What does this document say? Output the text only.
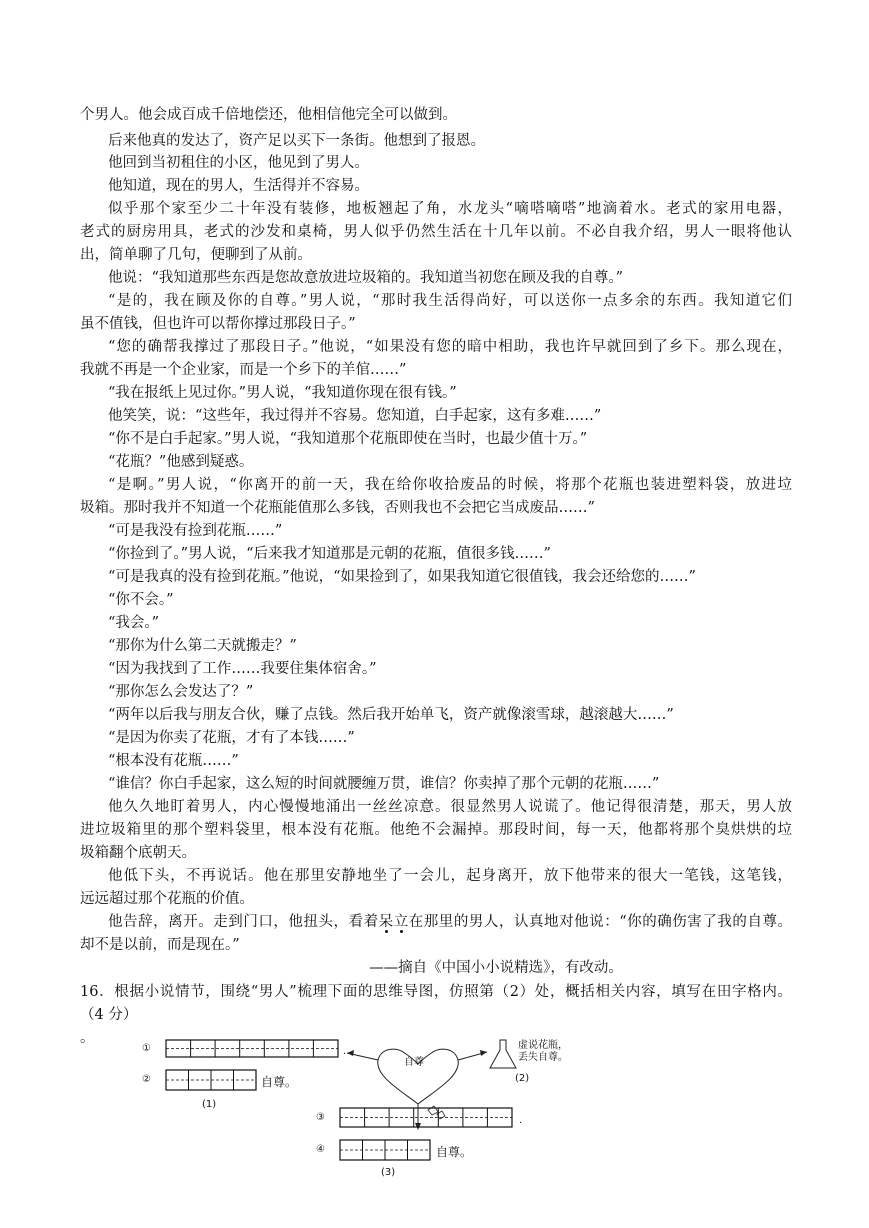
个男人。他会成百成千倍地偿还，他相信他完全可以做到。
后来他真的发达了，资产足以买下一条街。他想到了报恩。
他回到当初租住的小区，他见到了男人。
他知道，现在的男人，生活得并不容易。
似乎那个家至少二十年没有装修，地板翘起了角，水龙头“嘀嗒嘀嗒”地滴着水。老式的家用电器，
老式的厨房用具，老式的沙发和桌椅，男人似乎仍然生活在十几年以前。不必自我介绍，男人一眼将他认
出，简单聊了几句，便聊到了从前。
他说：“我知道那些东西是您故意放进垃圾箱的。我知道当初您在顾及我的自尊。”
“是的，我在顾及你的自尊。”男人说，“那时我生活得尚好，可以送你一点多余的东西。我知道它们
虽不值钱，但也许可以帮你撑过那段日子。”
“您的确帮我撑过了那段日子。”他说，“如果没有您的暗中相助，我也许早就回到了乡下。那么现在，
我就不再是一个企业家，而是一个乡下的羊倌……”
“我在报纸上见过你。”男人说，“我知道你现在很有钱。”
他笑笑，说：“这些年，我过得并不容易。您知道，白手起家，这有多难……”
“你不是白手起家。”男人说，“我知道那个花瓶即使在当时，也最少值十万。”
“花瓶？”他感到疑惑。
“是啊。”男人说，“你离开的前一天，我在给你收拾废品的时候，将那个花瓶也装进塑料袋，放进垃
圾箱。那时我并不知道一个花瓶能值那么多钱，否则我也不会把它当成废品……”
“可是我没有捡到花瓶……”
“你捡到了。”男人说，“后来我才知道那是元朝的花瓶，值很多钱……”
“可是我真的没有捡到花瓶。”他说，“如果捡到了，如果我知道它很值钱，我会还给您的……”
“你不会。”
“我会。”
“那你为什么第二天就搬走？”
“因为我找到了工作……我要住集体宿舍。”
“那你怎么会发达了？”
“两年以后我与朋友合伙，赚了点钱。然后我开始单飞，资产就像滚雪球，越滚越大……”
“是因为你卖了花瓶，才有了本钱……”
“根本没有花瓶……”
“谁信？你白手起家，这么短的时间就腰缠万贯，谁信？你卖掉了那个元朝的花瓶……”
他久久地盯着男人，内心慢慢地涌出一丝丝凉意。很显然男人说谎了。他记得很清楚，那天，男人放
进垃圾箱里的那个塑料袋里，根本没有花瓶。他绝不会漏掉。那段时间，每一天，他都将那个臭烘烘的垃
圾箱翻个底朝天。
他低下头，不再说话。他在那里安静地坐了一会儿，起身离开，放下他带来的很大一笔钱，这笔钱，
远远超过那个花瓶的价值。
他告辞，离开。走到门口，他扭头，看着呆立在那里的男人，认真地对他说：“你的确伤害了我的自尊。
却不是以前，而是现在。”
——摘自《中国小小说精选》，有改动。
16．根据小说情节，围绕“男人”梳理下面的思维导图，仿照第（2）处，概括相关内容，填写在田字格内。
（4 分）
。
①
②
③
④
.
自尊。
.
自尊。
(1)
(2)
(3)
自尊
虚说花瓶，
丢失自尊。
